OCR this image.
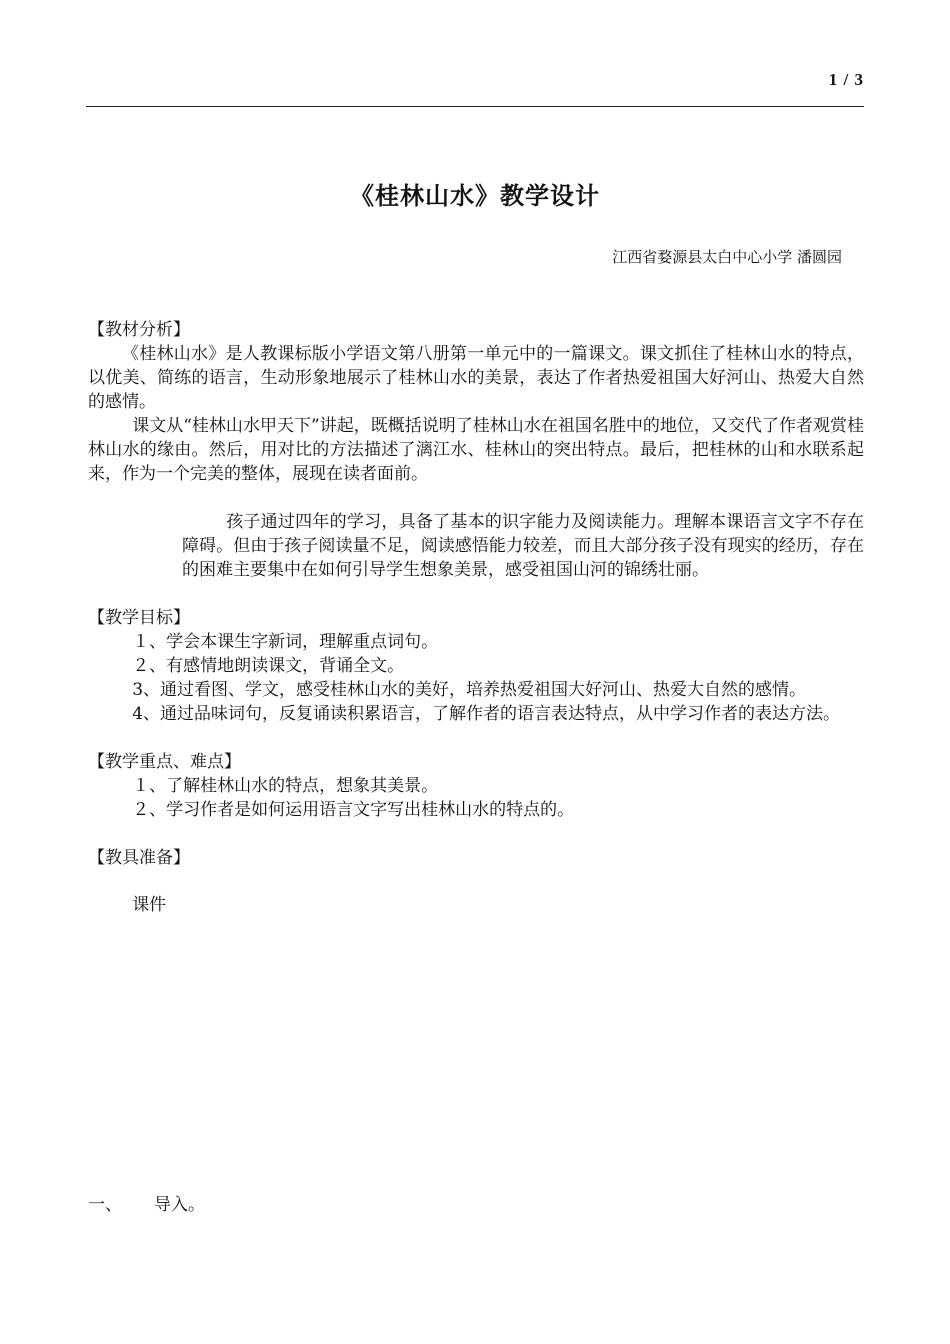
1 / 3
《桂林山水》教学设计
江西省婺源县太白中心小学 潘圆园

【教材分析】

《桂林山水》是人教课标版小学语文第八册第一单元中的一篇课文。课文抓住了桂林山水的特点，以优美、简练的语言，生动形象地展示了桂林山水的美景，表达了作者热爱祖国大好河山、热爱大自然的感情。

课文从“桂林山水甲天下”讲起，既概括说明了桂林山水在祖国名胜中的地位，又交代了作者观赏桂林山水的缘由。然后，用对比的方法描述了漓江水、桂林山的突出特点。最后，把桂林的山和水联系起来，作为一个完美的整体，展现在读者面前。

孩子通过四年的学习，具备了基本的识字能力及阅读能力。理解本课语言文字不存在障碍。但由于孩子阅读量不足，阅读感悟能力较差，而且大部分孩子没有现实的经历，存在的困难主要集中在如何引导学生想象美景，感受祖国山河的锦绣壮丽。

【教学目标】

１、学会本课生字新词，理解重点词句。

２、有感情地朗读课文，背诵全文。

3、通过看图、学文，感受桂林山水的美好，培养热爱祖国大好河山、热爱大自然的感情。

4、通过品味词句，反复诵读积累语言，了解作者的语言表达特点，从中学习作者的表达方法。

【教学重点、难点】

１、了解桂林山水的特点，想象其美景。

２、学习作者是如何运用语言文字写出桂林山水的特点的。

【教具准备】

课件

一、 导入。
